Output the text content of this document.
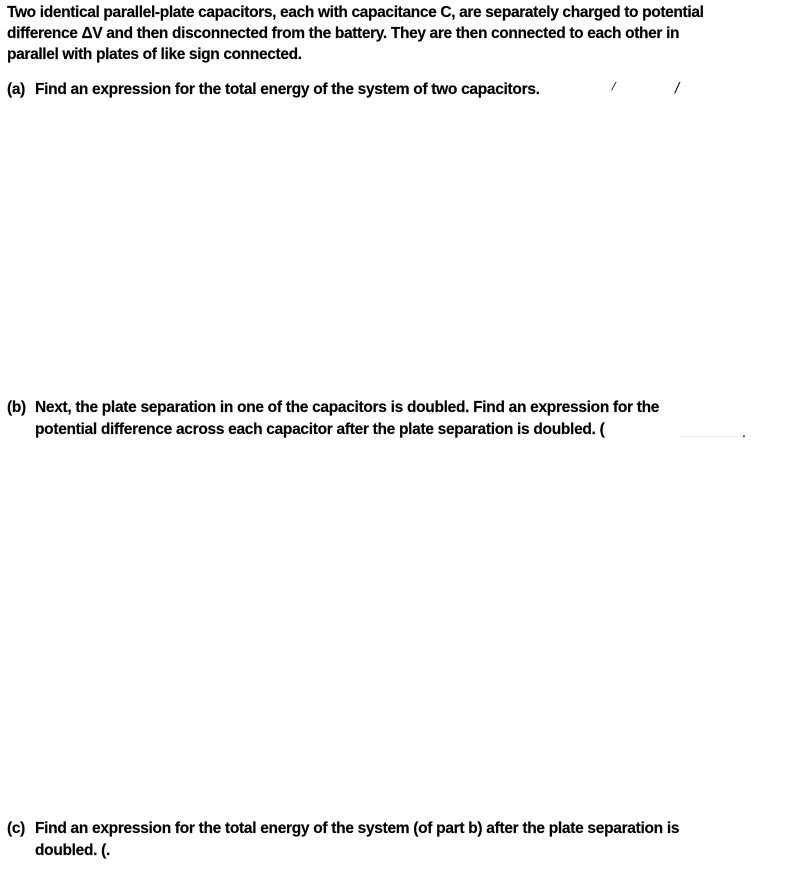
Two identical parallel-plate capacitors, each with capacitance C, are separately charged to potential
difference ΔV and then disconnected from the battery. They are then connected to each other in
parallel with plates of like sign connected.
(a) Find an expression for the total energy of the system of two capacitors.	/	/
(b) Next, the plate separation in one of the capacitors is doubled. Find an expression for the
potential difference across each capacitor after the plate separation is doubled. (	.
(c) Find an expression for the total energy of the system (of part b) after the plate separation is
doubled. (.
